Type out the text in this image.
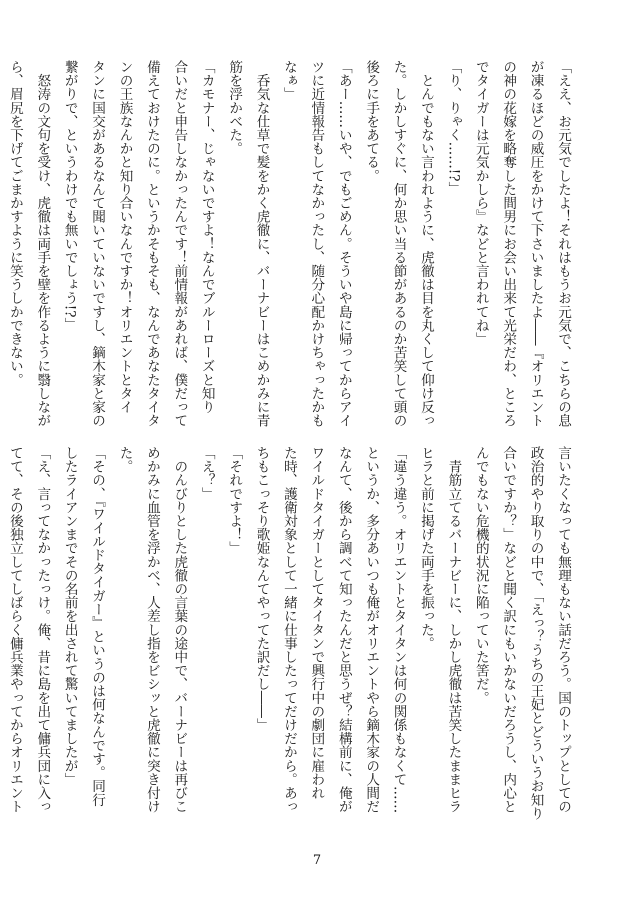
「ええ、お元気でしたよ！それはもうお元気で、こちらの息

が凍るほどの威圧をかけて下さいましたよ――『オリエント

の神の花嫁を略奪した間男にお会い出来て光栄だわ、ところ

でタイガーは元気かしら』などと言われてね」

「り、りゃく……!?」

　とんでもない言われように、虎徹は目を丸くして仰け反っ

た。しかしすぐに、何か思い当る節があるのか苦笑して頭の

後ろに手をあてる。

「あー……いや、でもごめん。そういや島に帰ってからアイ

ツに近情報告もしてなかったし、随分心配かけちゃったかも

なぁ」

　呑気な仕草で髪をかく虎徹に、バーナビーはこめかみに青

筋を浮かべた。

「カモナー、じゃないですよ！なんでブルーローズと知り

合いだと申告しなかったんです！前情報があれば、僕だって

備えておけたのに。というかそもそも、なんであなたタイタ

ンの王族なんかと知り合いなんですか！オリエントとタイ

タンに国交があるなんて聞いていないですし、鏑木家と家の

繋がりで、というわけでも無いでしょう!?」

　怒涛の文句を受け、虎徹は両手を壁を作るように翳しなが

ら、眉尻を下げてごまかすように笑うしかできない。

言いたくなっても無理もない話だろう。国のトップとしての

政治的やり取りの中で、「えっ？うちの王妃とどういうお知り

合いですか？」などと聞く訳にもいかないだろうし、内心と

んでもない危機的状況に陥っていた筈だ。

　青筋立てるバーナビーに、しかし虎徹は苦笑したままヒラ

ヒラと前に掲げた両手を振った。

「違う違う。オリエントとタイタンは何の関係もなくて……

というか、多分あいつも俺がオリエントやら鏑木家の人間だ

なんて、後から調べて知ったんだと思うぜ？結構前に、俺が

ワイルドタイガーとしてタイタンで興行中の劇団に雇われ

た時、護衛対象として一緒に仕事したってだけだから。あっ

ちもこっそり歌姫なんてやってた訳だし――」

「それですよ！」

「え？」

　のんびりとした虎徹の言葉の途中で、バーナビーは再びこ

めかみに血管を浮かべ、人差し指をビシッと虎徹に突き付け

た。

「その、『ワイルドタイガー』というのは何なんです。同行

したライアンまでその名前を出されて驚いてましたが」

「え、言ってなかったっけ。俺、昔に島を出て傭兵団に入っ

てて、その後独立してしばらく傭兵業やってからオリエント

7
